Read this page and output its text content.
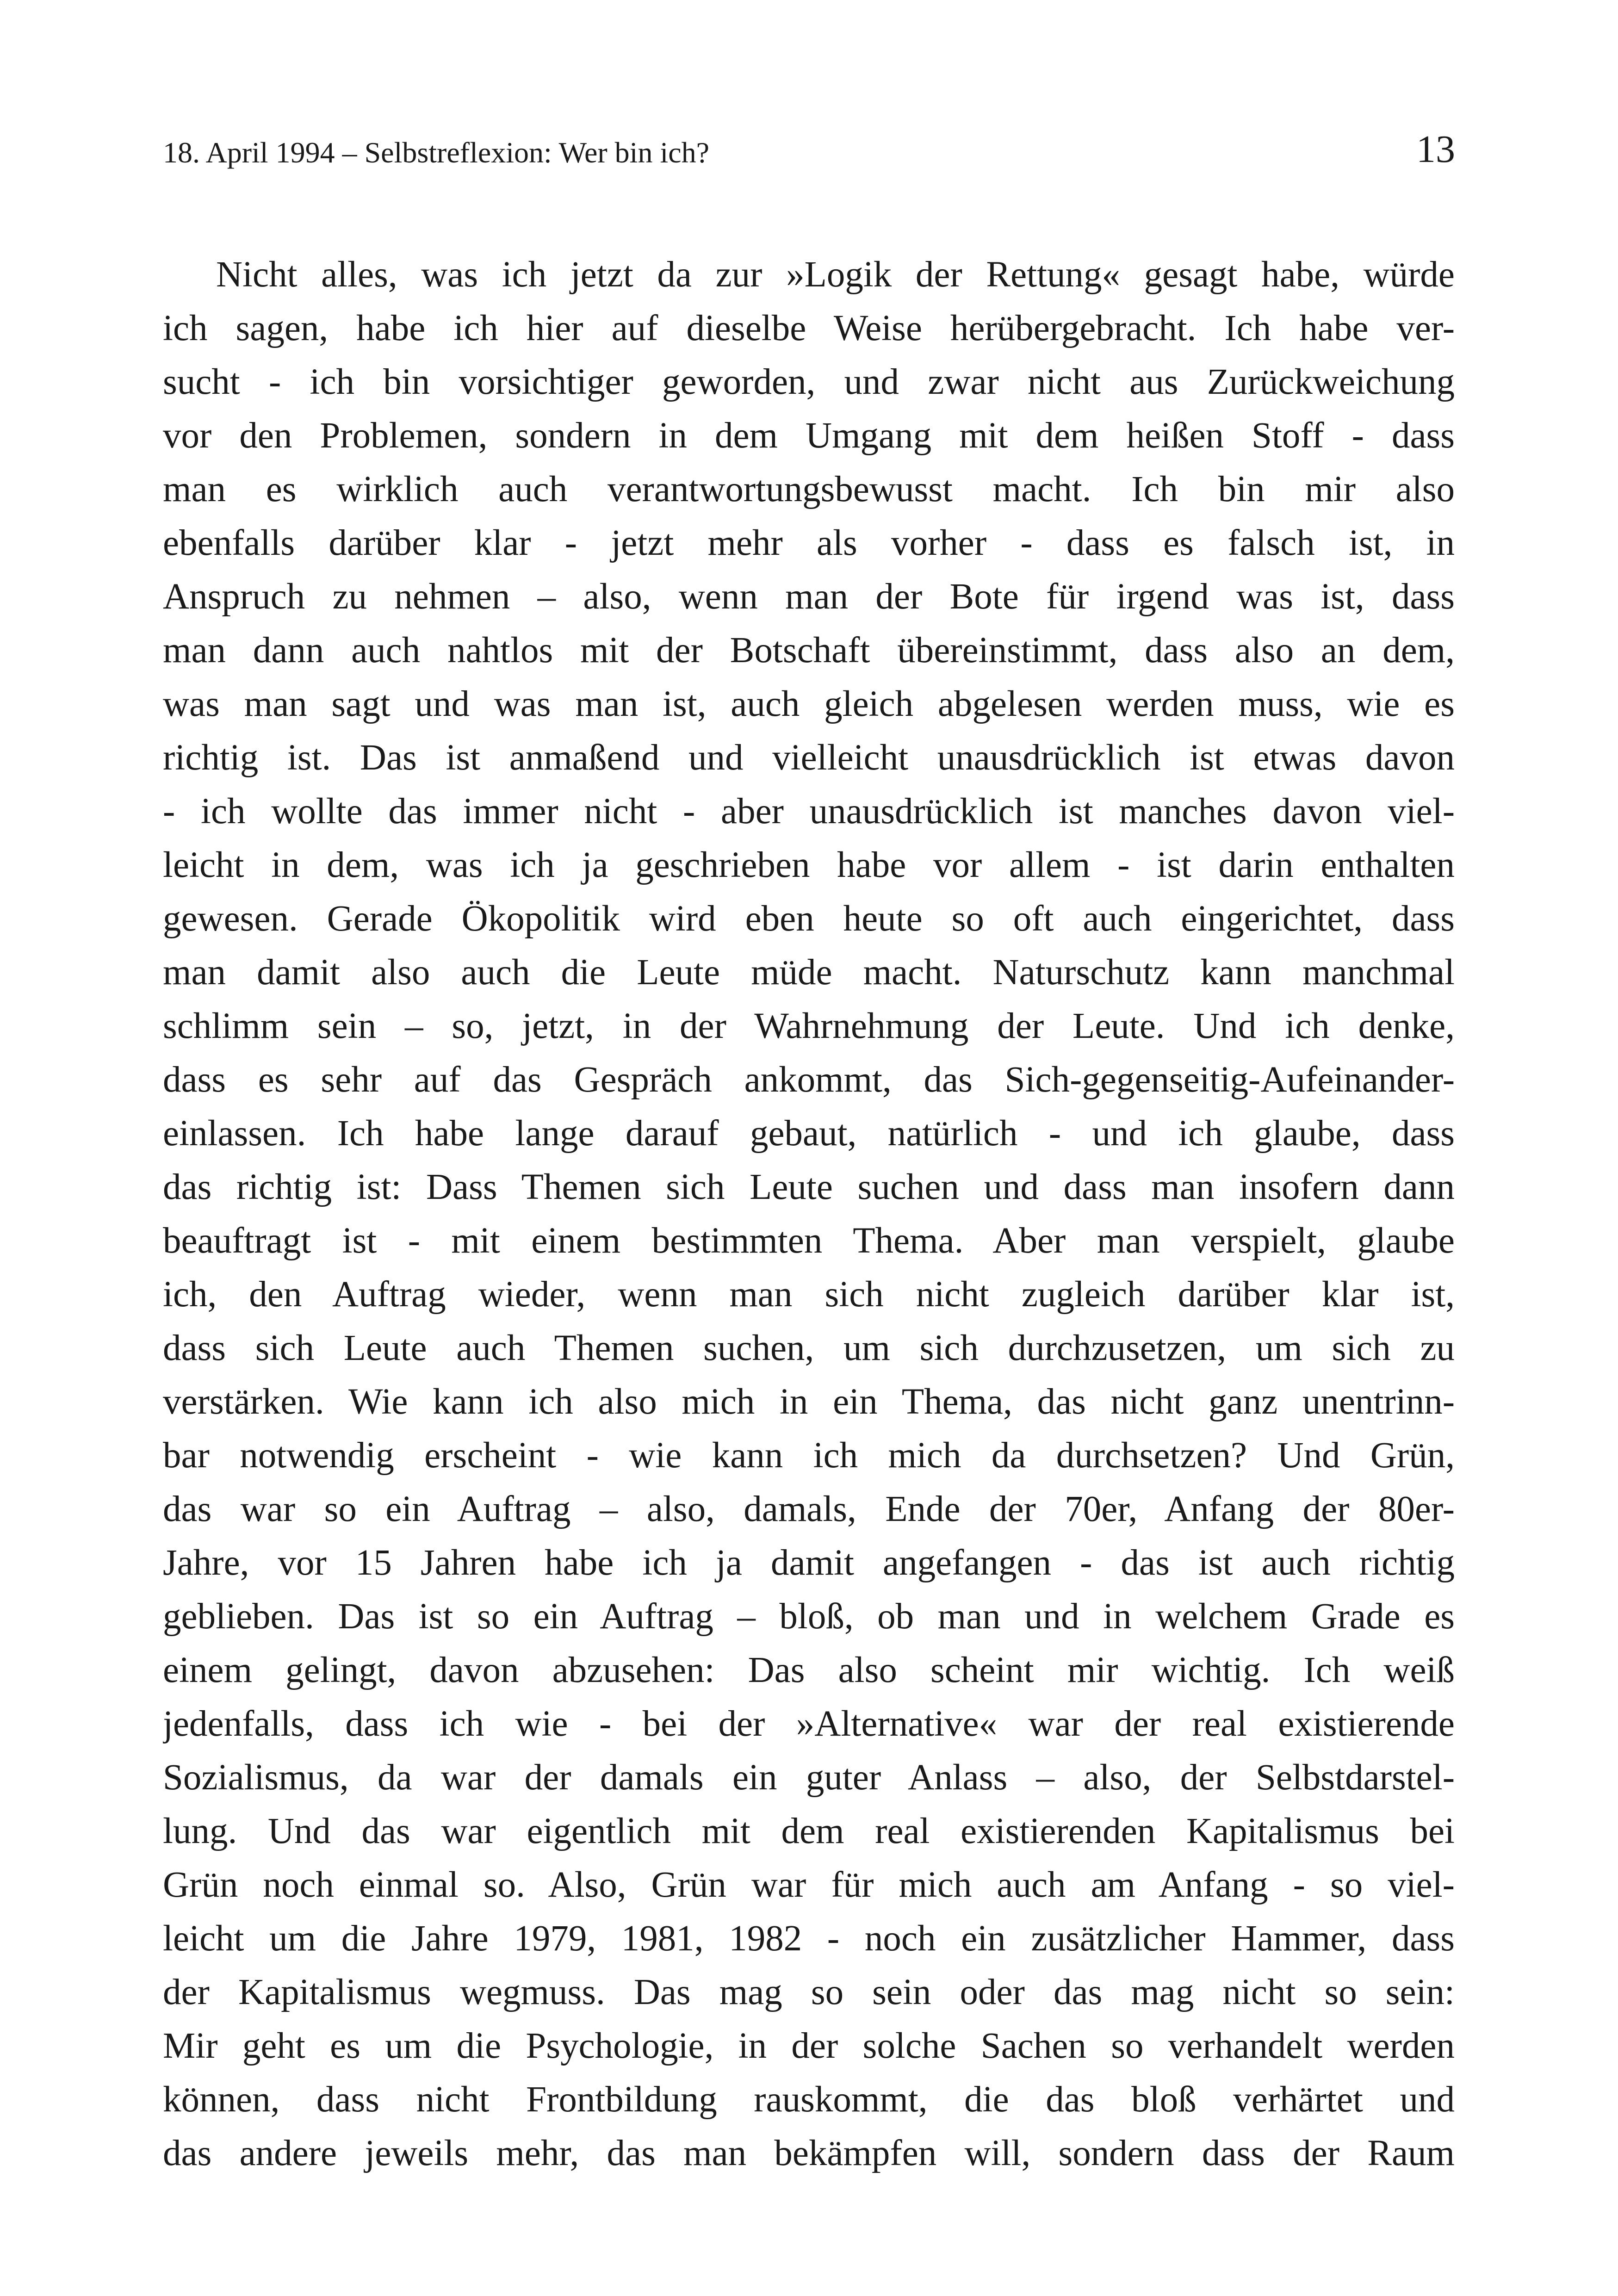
18. April 1994 – Selbstreflexion: Wer bin ich?	13
Nicht alles, was ich jetzt da zur »Logik der Rettung« gesagt habe, würde
ich sagen, habe ich hier auf dieselbe Weise herübergebracht. Ich habe ver-
sucht - ich bin vorsichtiger geworden, und zwar nicht aus Zurückweichung
vor den Problemen, sondern in dem Umgang mit dem heißen Stoff - dass
man es wirklich auch verantwortungsbewusst macht. Ich bin mir also
ebenfalls darüber klar - jetzt mehr als vorher - dass es falsch ist, in
Anspruch zu nehmen – also, wenn man der Bote für irgend was ist, dass
man dann auch nahtlos mit der Botschaft übereinstimmt, dass also an dem,
was man sagt und was man ist, auch gleich abgelesen werden muss, wie es
richtig ist. Das ist anmaßend und vielleicht unausdrücklich ist etwas davon
- ich wollte das immer nicht - aber unausdrücklich ist manches davon viel-
leicht in dem, was ich ja geschrieben habe vor allem - ist darin enthalten
gewesen. Gerade Ökopolitik wird eben heute so oft auch eingerichtet, dass
man damit also auch die Leute müde macht. Naturschutz kann manchmal
schlimm sein – so, jetzt, in der Wahrnehmung der Leute. Und ich denke,
dass es sehr auf das Gespräch ankommt, das Sich-gegenseitig-Aufeinander-
einlassen. Ich habe lange darauf gebaut, natürlich - und ich glaube, dass
das richtig ist: Dass Themen sich Leute suchen und dass man insofern dann
beauftragt ist - mit einem bestimmten Thema. Aber man verspielt, glaube
ich, den Auftrag wieder, wenn man sich nicht zugleich darüber klar ist,
dass sich Leute auch Themen suchen, um sich durchzusetzen, um sich zu
verstärken. Wie kann ich also mich in ein Thema, das nicht ganz unentrinn-
bar notwendig erscheint - wie kann ich mich da durchsetzen? Und Grün,
das war so ein Auftrag – also, damals, Ende der 70er, Anfang der 80er-
Jahre, vor 15 Jahren habe ich ja damit angefangen - das ist auch richtig
geblieben. Das ist so ein Auftrag – bloß, ob man und in welchem Grade es
einem gelingt, davon abzusehen: Das also scheint mir wichtig. Ich weiß
jedenfalls, dass ich wie - bei der »Alternative« war der real existierende
Sozialismus, da war der damals ein guter Anlass – also, der Selbstdarstel-
lung. Und das war eigentlich mit dem real existierenden Kapitalismus bei
Grün noch einmal so. Also, Grün war für mich auch am Anfang - so viel-
leicht um die Jahre 1979, 1981, 1982 - noch ein zusätzlicher Hammer, dass
der Kapitalismus wegmuss. Das mag so sein oder das mag nicht so sein:
Mir geht es um die Psychologie, in der solche Sachen so verhandelt werden
können, dass nicht Frontbildung rauskommt, die das bloß verhärtet und
das andere jeweils mehr, das man bekämpfen will, sondern dass der Raum
